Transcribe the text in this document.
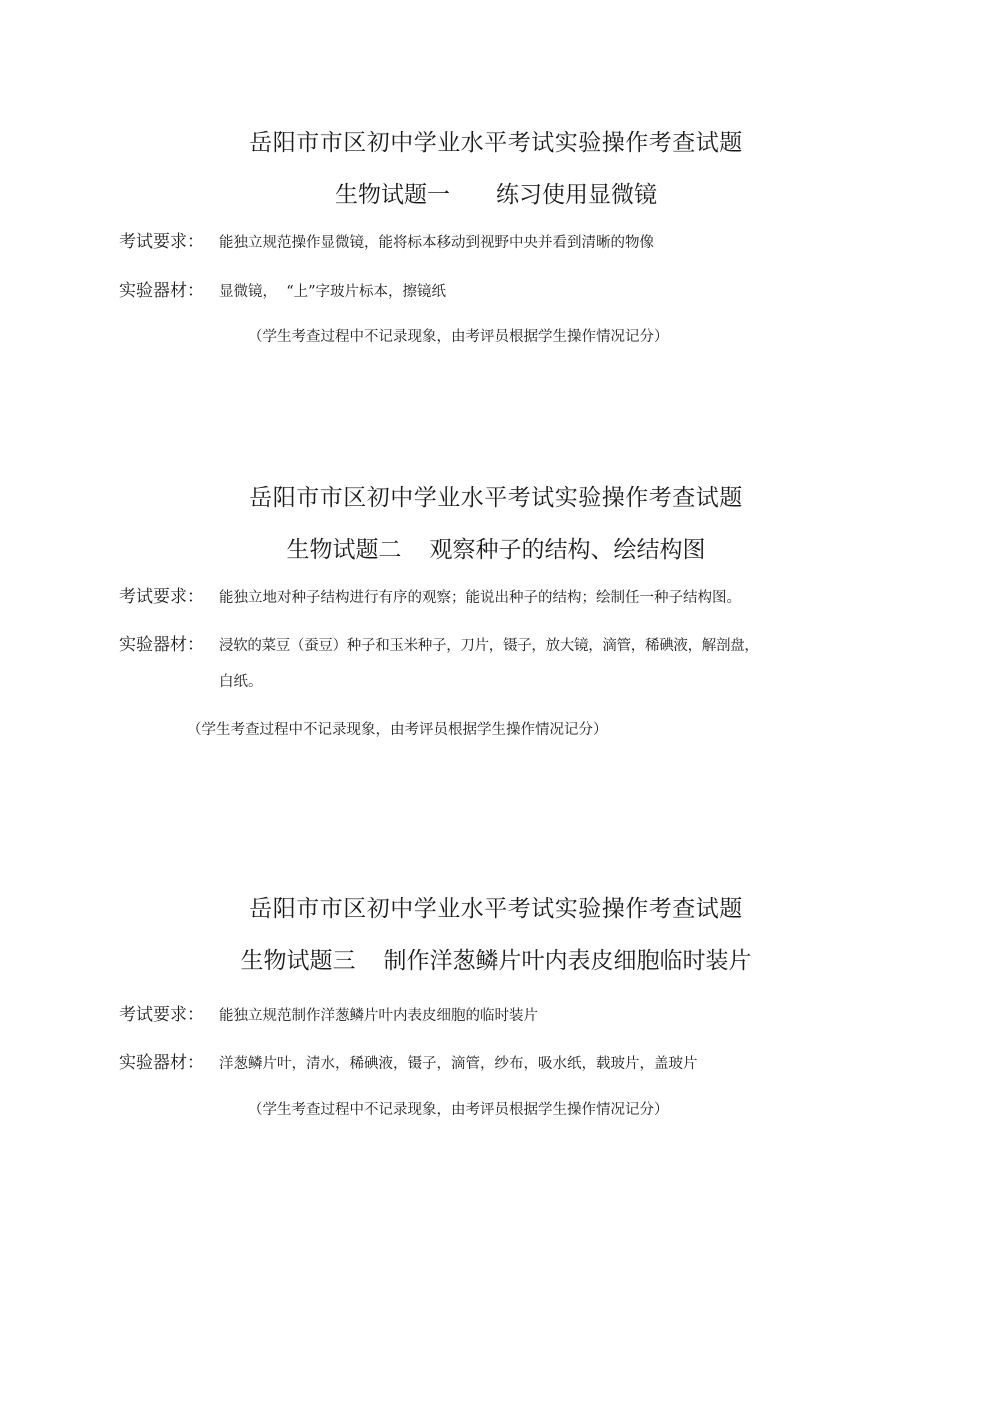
岳阳市市区初中学业水平考试实验操作考查试题
生物试题一 练习使用显微镜
考试要求：	能独立规范操作显微镜，能将标本移动到视野中央并看到清晰的物像
实验器材：	显微镜，  “上”字玻片标本，擦镜纸
（学生考查过程中不记录现象，由考评员根据学生操作情况记分）
岳阳市市区初中学业水平考试实验操作考查试题
生物试题二 观察种子的结构、绘结构图
考试要求：	能独立地对种子结构进行有序的观察；能说出种子的结构；绘制任一种子结构图。
实验器材：	浸软的菜豆（蚕豆）种子和玉米种子，刀片，镊子，放大镜，滴管，稀碘液，解剖盘，
白纸。
（学生考查过程中不记录现象，由考评员根据学生操作情况记分）
岳阳市市区初中学业水平考试实验操作考查试题
生物试题三 制作洋葱鳞片叶内表皮细胞临时装片
考试要求：	能独立规范制作洋葱鳞片叶内表皮细胞的临时装片
实验器材：	洋葱鳞片叶，清水，稀碘液，镊子，滴管，纱布，吸水纸，载玻片，盖玻片
（学生考查过程中不记录现象，由考评员根据学生操作情况记分）
